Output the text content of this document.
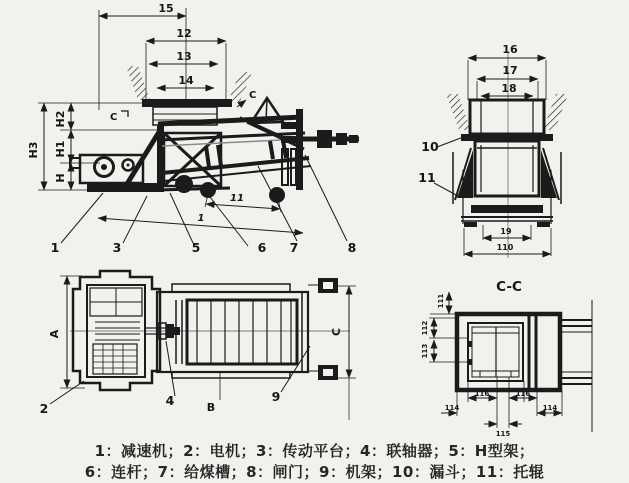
15
12
13
14
H3
H2
H1
H
C
C
11
1
1	3	5	6 7	8
16
17
18
19
110
10
11
A	C
B
2
4	9
C-C
111
112
113
114
116	116
114
115
1：减速机；2：电机；3：传动平台；4：联轴器；5：H型架；
6：连杆；7：给煤槽；8：闸门；9：机架；10：漏斗；11：托辊
